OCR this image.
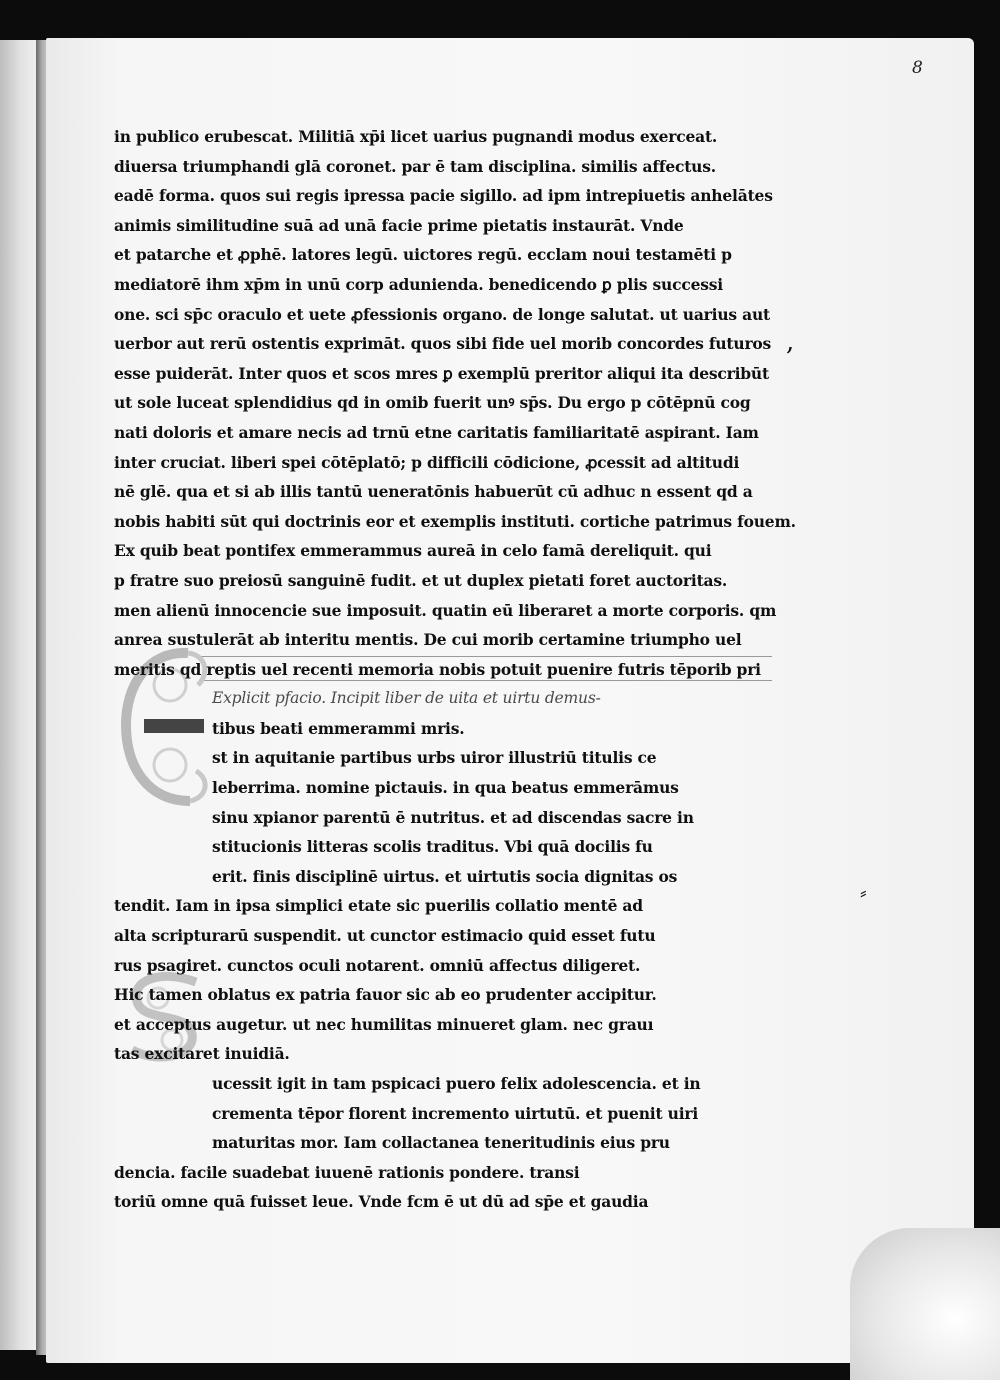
8
,
⸗
in publico erubescat. Militiā xp̄i licet uarius pugnandi modus exerceat.
diuersa triumphandi glā coronet. par ē tam disciplina. similis affectus.
eadē forma. quos sui regis ipressa pacie sigillo. ad ipm intrepiuetis anhelātes
animis similitudine suā ad unā facie prime pietatis instaurāt. Vnde
et patarche et ꝓphē. latores legū. uictores regū. ecclam noui testamēti p
mediatorē ihm xp̄m in unū corp adunienda. benedicendo ꝑ plis successi
one. sci sp̄c oraculo et uete ꝓfessionis organo. de longe salutat. ut uarius aut
uerbor aut rerū ostentis exprimāt. quos sibi fide uel morib concordes futuros
esse puiderāt. Inter quos et scos mres ꝑ exemplū preritor aliqui ita describūt
ut sole luceat splendidius qd in omib fuerit unꝰ sp̄s. Du ergo p cōtēpnū cog
nati doloris et amare necis ad trnū etne caritatis familiaritatē aspirant. Iam
inter cruciat. liberi spei cōtēplatō; p difficili cōdicione, ꝓcessit ad altitudi
nē glē. qua et si ab illis tantū ueneratōnis habuerūt cū adhuc n essent qd a
nobis habiti sūt qui doctrinis eor et exemplis instituti. cortiche patrimus fouem.
Ex quib beat pontifex emmerammus aureā in celo famā dereliquit. qui
p fratre suo preiosū sanguinē fudit. et ut duplex pietati foret auctoritas.
men alienū innocencie sue imposuit. quatin eū liberaret a morte corporis. qm
anrea sustulerāt ab interitu mentis. De cui morib certamine triumpho uel
meritis qd reptis uel recenti memoria nobis potuit puenire futris tēporib pri
Explicit pfacio. Incipit liber de uita et uirtu demus-
tibus beati emmerammi mris.
st in aquitanie partibus urbs uiror illustriū titulis ce
leberrima. nomine pictauis. in qua beatus emmerāmus
sinu xpianor parentū ē nutritus. et ad discendas sacre in
stitucionis litteras scolis traditus. Vbi quā docilis fu
erit. finis disciplinē uirtus. et uirtutis socia dignitas os
tendit. Iam in ipsa simplici etate sic puerilis collatio mentē ad
alta scripturarū suspendit. ut cunctor estimacio quid esset futu
rus psagiret. cunctos oculi notarent. omniū affectus diligeret.
Hic tamen oblatus ex patria fauor sic ab eo prudenter accipitur.
et acceptus augetur. ut nec humilitas minueret glam. nec grauı
tas excitaret inuidiā.
ucessit igit in tam pspicaci puero felix adolescencia. et in
crementa tēpor florent incremento uirtutū. et puenit uiri
maturitas mor. Iam collactanea teneritudinis eius pru
dencia. facile suadebat iuuenē rationis pondere. transi
toriū omne quā fuisset leue. Vnde fcm ē ut dū ad sp̄e et gaudia
